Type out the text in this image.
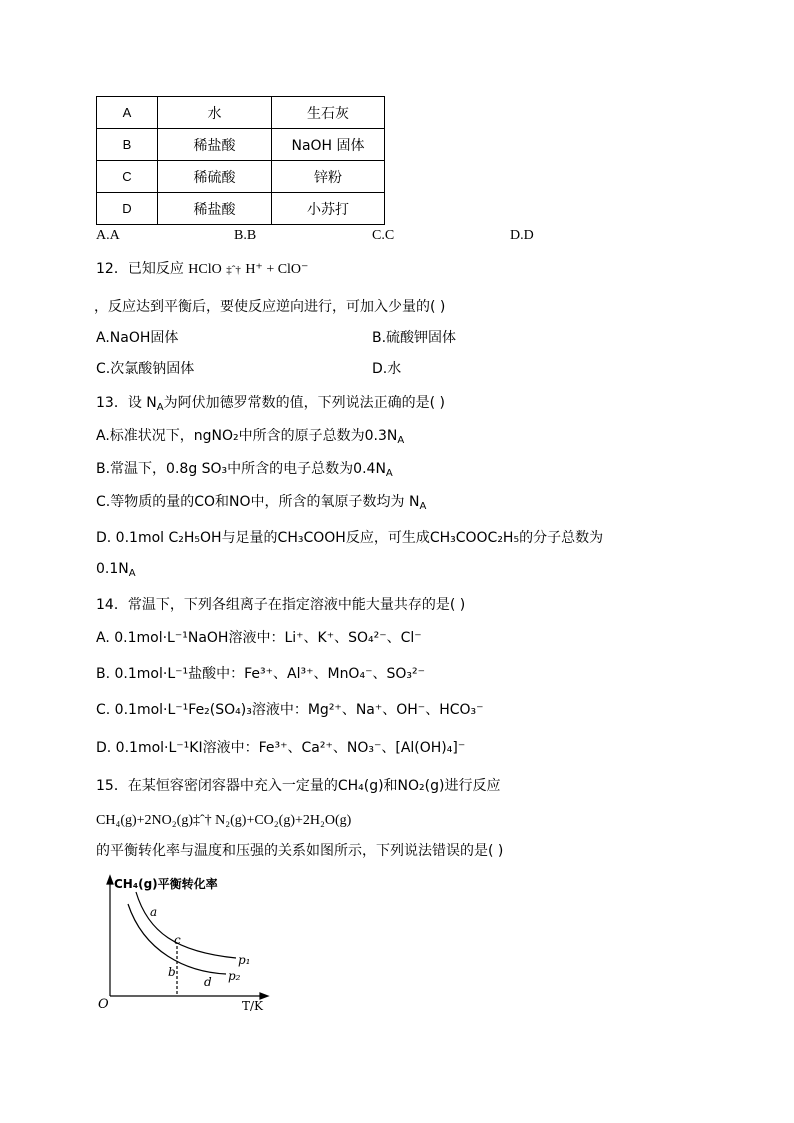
A	水	生石灰
B	稀盐酸	NaOH 固体
C	稀硫酸	锌粉
D	稀盐酸	小苏打
A.A	B.B	C.C	D.D
12．已知反应 HClO ‡ˆ† H⁺ + ClO⁻
，反应达到平衡后，要使反应逆向进行，可加入少量的( )
A.NaOH固体	B.硫酸钾固体
C.次氯酸钠固体	D.水
13．设 $N_A$为阿伏加德罗常数的值，下列说法正确的是( )
A.标准状况下，ngNO₂中所含的原子总数为$0.3N_A$
B.常温下，0.8g SO₃中所含的电子总数为$0.4N_A$
C.等物质的量的CO和NO中，所含的氧原子数均为 $N_A$
D. 0.1mol C₂H₅OH与足量的CH₃COOH反应，可生成CH₃COOC₂H₅的分子总数为
$0.1N_A$
14．常温下，下列各组离子在指定溶液中能大量共存的是( )
A. 0.1mol·L⁻¹NaOH溶液中：Li⁺、K⁺、SO₄²⁻、Cl⁻
B. 0.1mol·L⁻¹盐酸中：Fe³⁺、Al³⁺、MnO₄⁻、SO₃²⁻
C. 0.1mol·L⁻¹Fe₂(SO₄)₃溶液中：Mg²⁺、Na⁺、OH⁻、HCO₃⁻
D. 0.1mol·L⁻¹KI溶液中：Fe³⁺、Ca²⁺、NO₃⁻、[Al(OH)₄]⁻
15．在某恒容密闭容器中充入一定量的CH₄(g)和NO₂(g)进行反应
CH₄(g)+2NO₂(g)‡ˆ† N₂(g)+CO₂(g)+2H₂O(g)
的平衡转化率与温度和压强的关系如图所示，下列说法错误的是( )
CH₄(g)平衡转化率
T/K
O
a
b
c
d
p₁
p₂
